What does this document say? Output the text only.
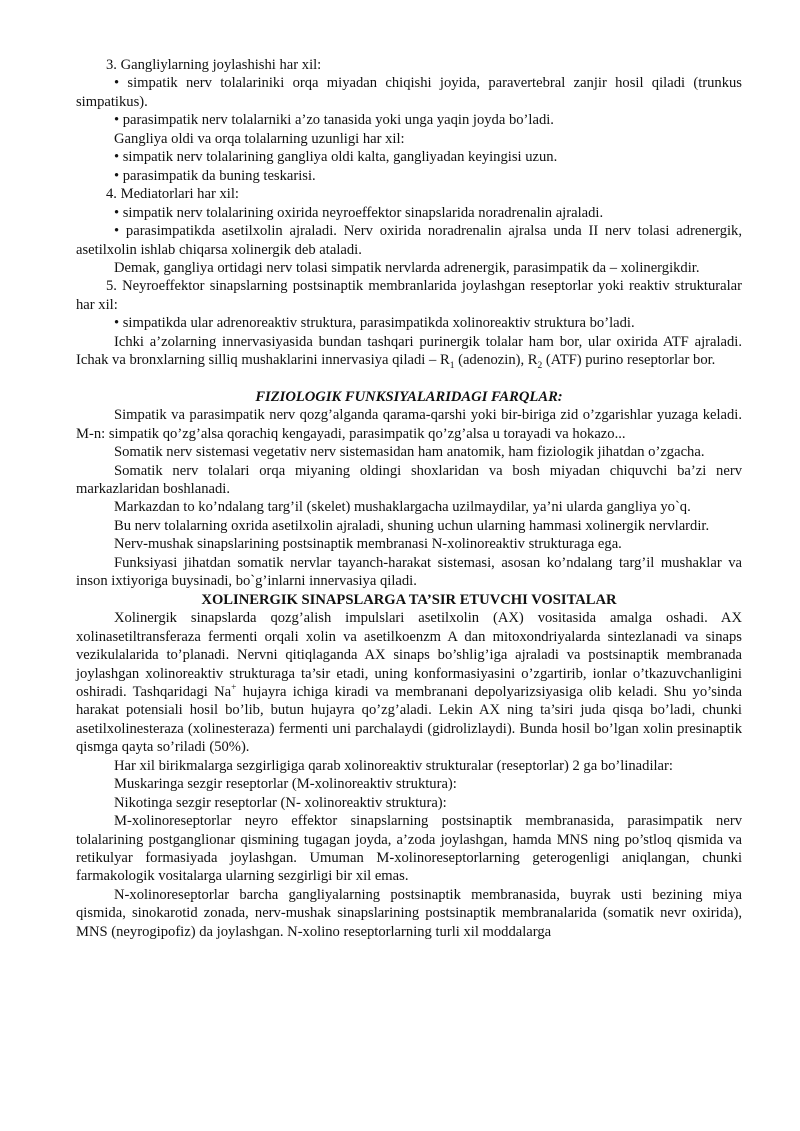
3. Gangliylarning joylashishi har xil:

• simpatik nerv tolalariniki orqa miyadan chiqishi joyida, paravertebral zanjir hosil qiladi (trunkus simpatikus).

• parasimpatik nerv tolalarniki a’zo tanasida yoki unga yaqin joyda bo’ladi.

Gangliya oldi va orqa tolalarning uzunligi har xil:

• simpatik nerv tolalarining gangliya oldi kalta, gangliyadan keyingisi uzun.

• parasimpatik da buning teskarisi.

4. Mediatorlari har xil:

• simpatik nerv tolalarining oxirida neyroeffektor sinapslarida noradrenalin ajraladi.

• parasimpatikda asetilxolin ajraladi. Nerv oxirida noradrenalin ajralsa unda II nerv tolasi adrenergik, asetilxolin ishlab chiqarsa xolinergik deb ataladi.

Demak, gangliya ortidagi nerv tolasi simpatik nervlarda adrenergik, parasimpatik da – xolinergikdir.

5. Neyroeffektor sinapslarning postsinaptik membranlarida joylashgan reseptorlar yoki reaktiv strukturalar har xil:

• simpatikda ular adrenoreaktiv struktura, parasimpatikda xolinoreaktiv struktura bo’ladi.

Ichki a’zolarning innervasiyasida bundan tashqari purinergik tolalar ham bor, ular oxirida ATF ajraladi. Ichak va bronxlarning silliq mushaklarini innervasiya qiladi – $R_1$ (adenozin), $R_2$ (ATF) purino reseptorlar bor.

FIZIOLOGIK FUNKSIYALARIDAGI FARQLAR:

Simpatik va parasimpatik nerv qozg’alganda qarama-qarshi yoki bir-biriga zid o’zgarishlar yuzaga keladi. M-n: simpatik qo’zg’alsa qorachiq kengayadi, parasimpatik qo’zg’alsa u torayadi va hokazo...

Somatik nerv sistemasi vegetativ nerv sistemasidan ham anatomik, ham fiziologik jihatdan o’zgacha.

Somatik nerv tolalari orqa miyaning oldingi shoxlaridan va bosh miyadan chiquvchi ba’zi nerv markazlaridan boshlanadi.

Markazdan to ko’ndalang targ’il (skelet) mushaklargacha uzilmaydilar, ya’ni ularda gangliya yo`q.

Bu nerv tolalarning oxrida asetilxolin ajraladi, shuning uchun ularning hammasi xolinergik nervlardir.

Nerv-mushak sinapslarining postsinaptik membranasi N-xolinoreaktiv strukturaga ega.

Funksiyasi jihatdan somatik nervlar tayanch-harakat sistemasi, asosan ko’ndalang targ’il mushaklar va inson ixtiyoriga buysinadi, bo`g’inlarni innervasiya qiladi.

XOLINERGIK SINAPSLARGA TA’SIR ETUVCHI VOSITALAR

Xolinergik sinapslarda qozg’alish impulslari asetilxolin (AX) vositasida amalga oshadi. AX xolinasetiltransferaza fermenti orqali xolin va asetilkoenzm A dan mitoxondriyalarda sintezlanadi va sinaps vezikulalarida to’planadi. Nervni qitiqlaganda AX sinaps bo’shlig’iga ajraladi va postsinaptik membranada joylashgan xolinoreaktiv strukturaga ta’sir etadi, uning konformasiyasini o’zgartirib, ionlar o’tkazuvchanligini oshiradi. Tashqaridagi Na+ hujayra ichiga kiradi va membranani depolyarizsiyasiga olib keladi. Shu yo’sinda harakat potensiali hosil bo’lib, butun hujayra qo’zg’aladi. Lekin AX ning ta’siri juda qisqa bo’ladi, chunki asetilxolinesteraza (xolinesteraza) fermenti uni parchalaydi (gidrolizlaydi). Bunda hosil bo’lgan xolin presinaptik qismga qayta so’riladi (50%).

Har xil birikmalarga sezgirligiga qarab xolinoreaktiv strukturalar (reseptorlar) 2 ga bo’linadilar:

Muskaringa sezgir reseptorlar (M-xolinoreaktiv struktura):

Nikotinga sezgir reseptorlar (N- xolinoreaktiv struktura):

M-xolinoreseptorlar neyro effektor sinapslarning postsinaptik membranasida, parasimpatik nerv tolalarining postganglionar qismining tugagan joyda, a’zoda joylashgan, hamda MNS ning po’stloq qismida va retikulyar formasiyada joylashgan. Umuman M-xolinoreseptorlarning geterogenligi aniqlangan, chunki farmakologik vositalarga ularning sezgirligi bir xil emas.

N-xolinoreseptorlar barcha gangliyalarning postsinaptik membranasida, buyrak usti bezining miya qismida, sinokarotid zonada, nerv-mushak sinapslarining postsinaptik membranalarida (somatik nevr oxirida), MNS (neyrogipofiz) da joylashgan. N-xolino reseptorlarning turli xil moddalarga
